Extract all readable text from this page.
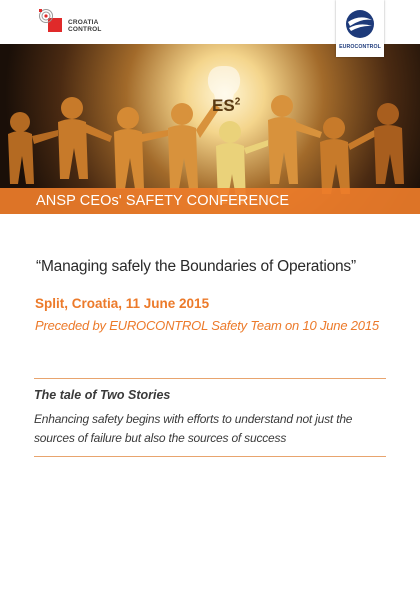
CROATIA
CONTROL
EUROCONTROL
$ES^2$
ANSP CEOs' SAFETY CONFERENCE
“Managing safely the Boundaries of Operations”
Split, Croatia, 11 June 2015
Preceded by EUROCONTROL Safety Team on 10 June 2015
The tale of Two Stories
Enhancing safety begins with efforts to understand not just the sources of failure but also the sources of success
